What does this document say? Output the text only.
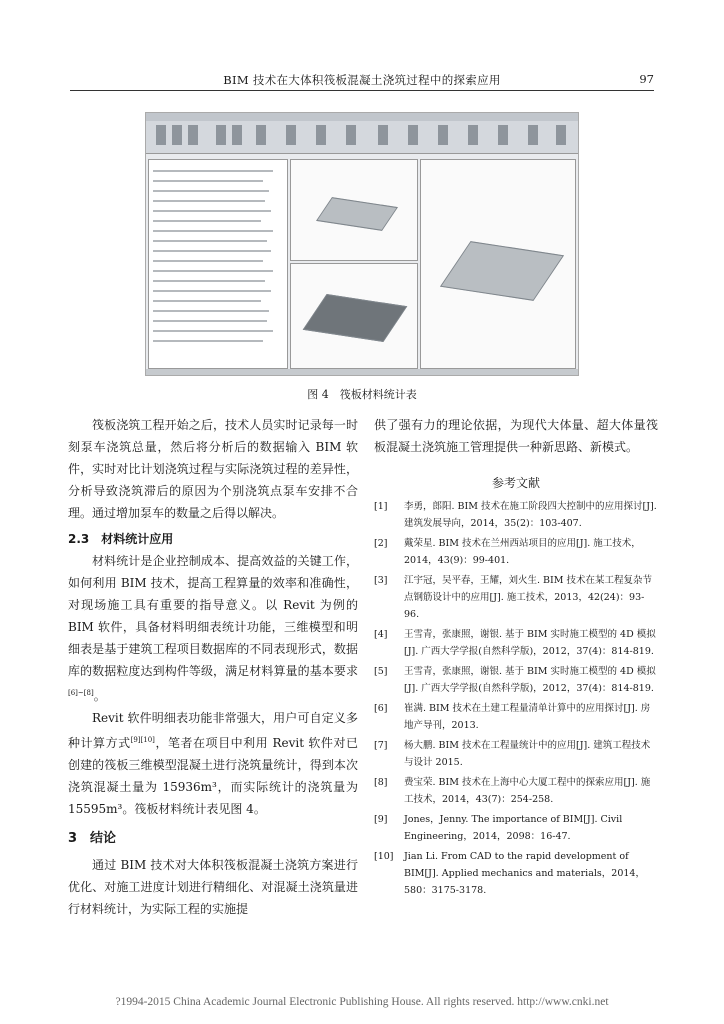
BIM 技术在大体积筏板混凝土浇筑过程中的探索应用	97
图 4　筏板材料统计表

筏板浇筑工程开始之后，技术人员实时记录每一时刻泵车浇筑总量，然后将分析后的数据输入 BIM 软件，实时对比计划浇筑过程与实际浇筑过程的差异性，分析导致浇筑滞后的原因为个别浇筑点泵车安排不合理。通过增加泵车的数量之后得以解决。

2.3　材料统计应用

材料统计是企业控制成本、提高效益的关键工作，如何利用 BIM 技术，提高工程算量的效率和准确性，对现场施工具有重要的指导意义。以 Revit 为例的 BIM 软件，具备材料明细表统计功能，三维模型和明细表是基于建筑工程项目数据库的不同表现形式，数据库的数据粒度达到构件等级，满足材料算量的基本要求[6]~[8]。

Revit 软件明细表功能非常强大，用户可自定义多种计算方式[9][10]，笔者在项目中利用 Revit 软件对已创建的筏板三维模型混凝土进行浇筑量统计，得到本次浇筑混凝土量为 15936m³，而实际统计的浇筑量为 15595m³。筏板材料统计表见图 4。

3　结论

通过 BIM 技术对大体积筏板混凝土浇筑方案进行优化、对施工进度计划进行精细化、对混凝土浇筑量进行材料统计，为实际工程的实施提

供了强有力的理论依据，为现代大体量、超大体量筏板混凝土浇筑施工管理提供一种新思路、新模式。

参考文献

[1] 李勇，郎阳. BIM 技术在施工阶段四大控制中的应用探讨[J]. 建筑发展导向，2014，35(2)：103-407.

[2] 戴荣星. BIM 技术在兰州西站项目的应用[J]. 施工技术，2014，43(9)：99-401.

[3] 江宇冠，吴平春，王耀，刘火生. BIM 技术在某工程复杂节点钢筋设计中的应用[J]. 施工技术，2013，42(24)：93-96.

[4] 王雪青，张康照，谢银. 基于 BIM 实时施工模型的 4D 模拟[J]. 广西大学学报(自然科学版)，2012，37(4)：814-819.

[5] 王雪青，张康照，谢银. 基于 BIM 实时施工模型的 4D 模拟[J]. 广西大学学报(自然科学版)，2012，37(4)：814-819.

[6] 崔满. BIM 技术在土建工程量清单计算中的应用探讨[J]. 房地产导刊，2013.

[7] 杨大鹏. BIM 技术在工程量统计中的应用[J]. 建筑工程技术与设计 2015.

[8] 费宝荣. BIM 技术在上海中心大厦工程中的探索应用[J]. 施工技术，2014，43(7)：254-258.

[9] Jones，Jenny. The importance of BIM[J]. Civil Engineering，2014，2098：16-47.

[10] Jian Li. From CAD to the rapid development of BIM[J]. Applied mechanics and materials，2014，580：3175-3178.

?1994-2015 China Academic Journal Electronic Publishing House. All rights reserved. http://www.cnki.net
